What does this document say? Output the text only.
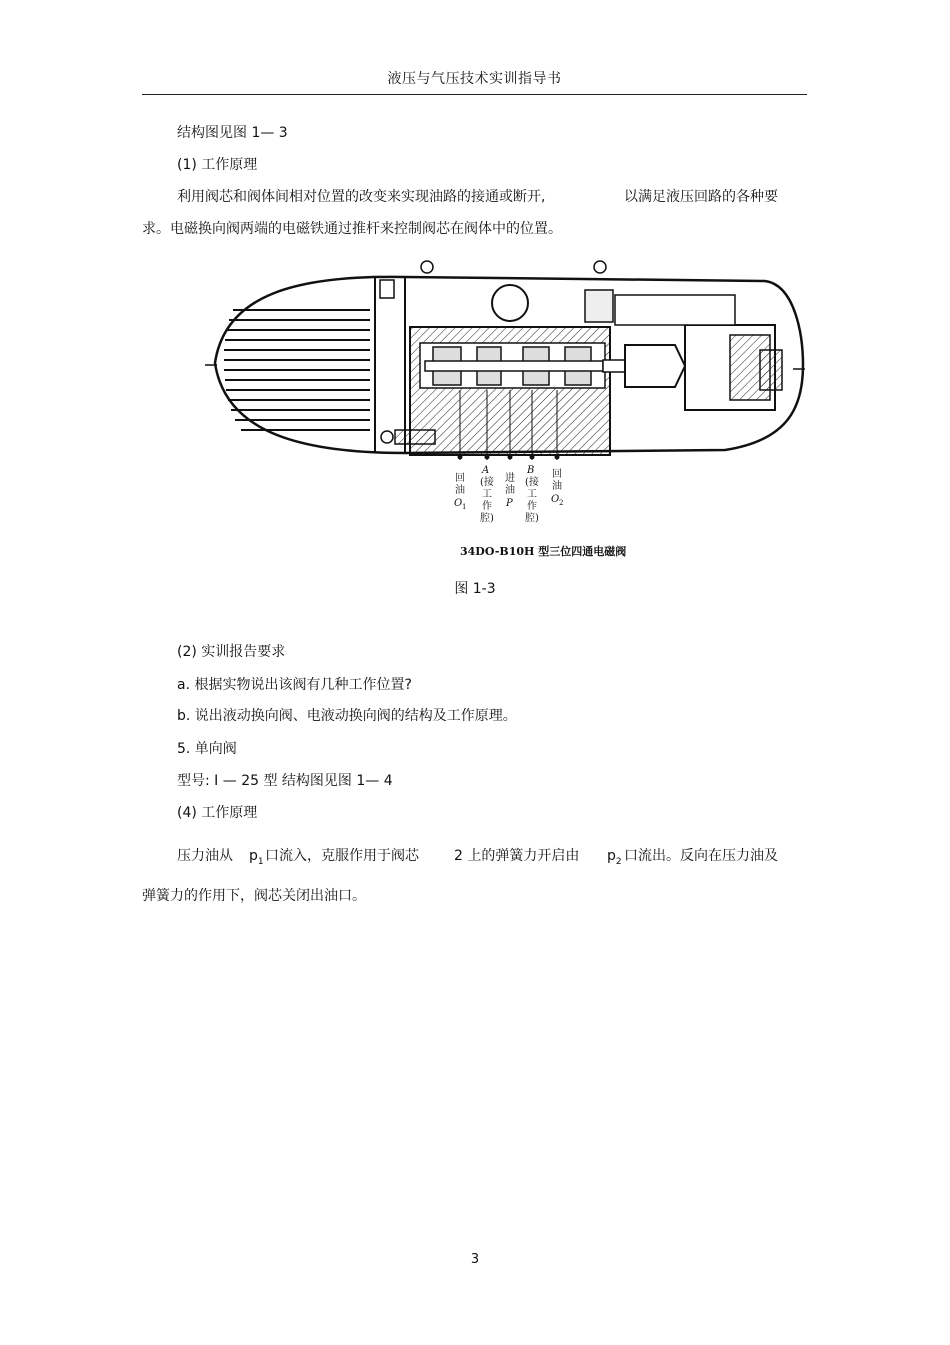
液压与气压技术实训指导书
结构图见图 1— 3
(1) 工作原理
利用阀芯和阀体间相对位置的改变来实现油路的接通或断开,	以满足液压回路的各种要
求。电磁换向阀两端的电磁铁通过推杆来控制阀芯在阀体中的位置。
回
油
O 1
A
(接
工
作
腔)
进
油
P
B
(接
工
作
腔)
回
油
O 2
34DO-B10H 型三位四通电磁阀
图 1-3
(2) 实训报告要求
a. 根据实物说出该阀有几种工作位置?
b. 说出液动换向阀、电液动换向阀的结构及工作原理。
5. 单向阀
型号: I — 25 型 结构图见图 1— 4
(4) 工作原理
压力油从 $p_1$ 口流入，克服作用于阀芯	2 上的弹簧力开启由 $p_2$ 口流出。反向在压力油及
弹簧力的作用下，阀芯关闭出油口。
3
